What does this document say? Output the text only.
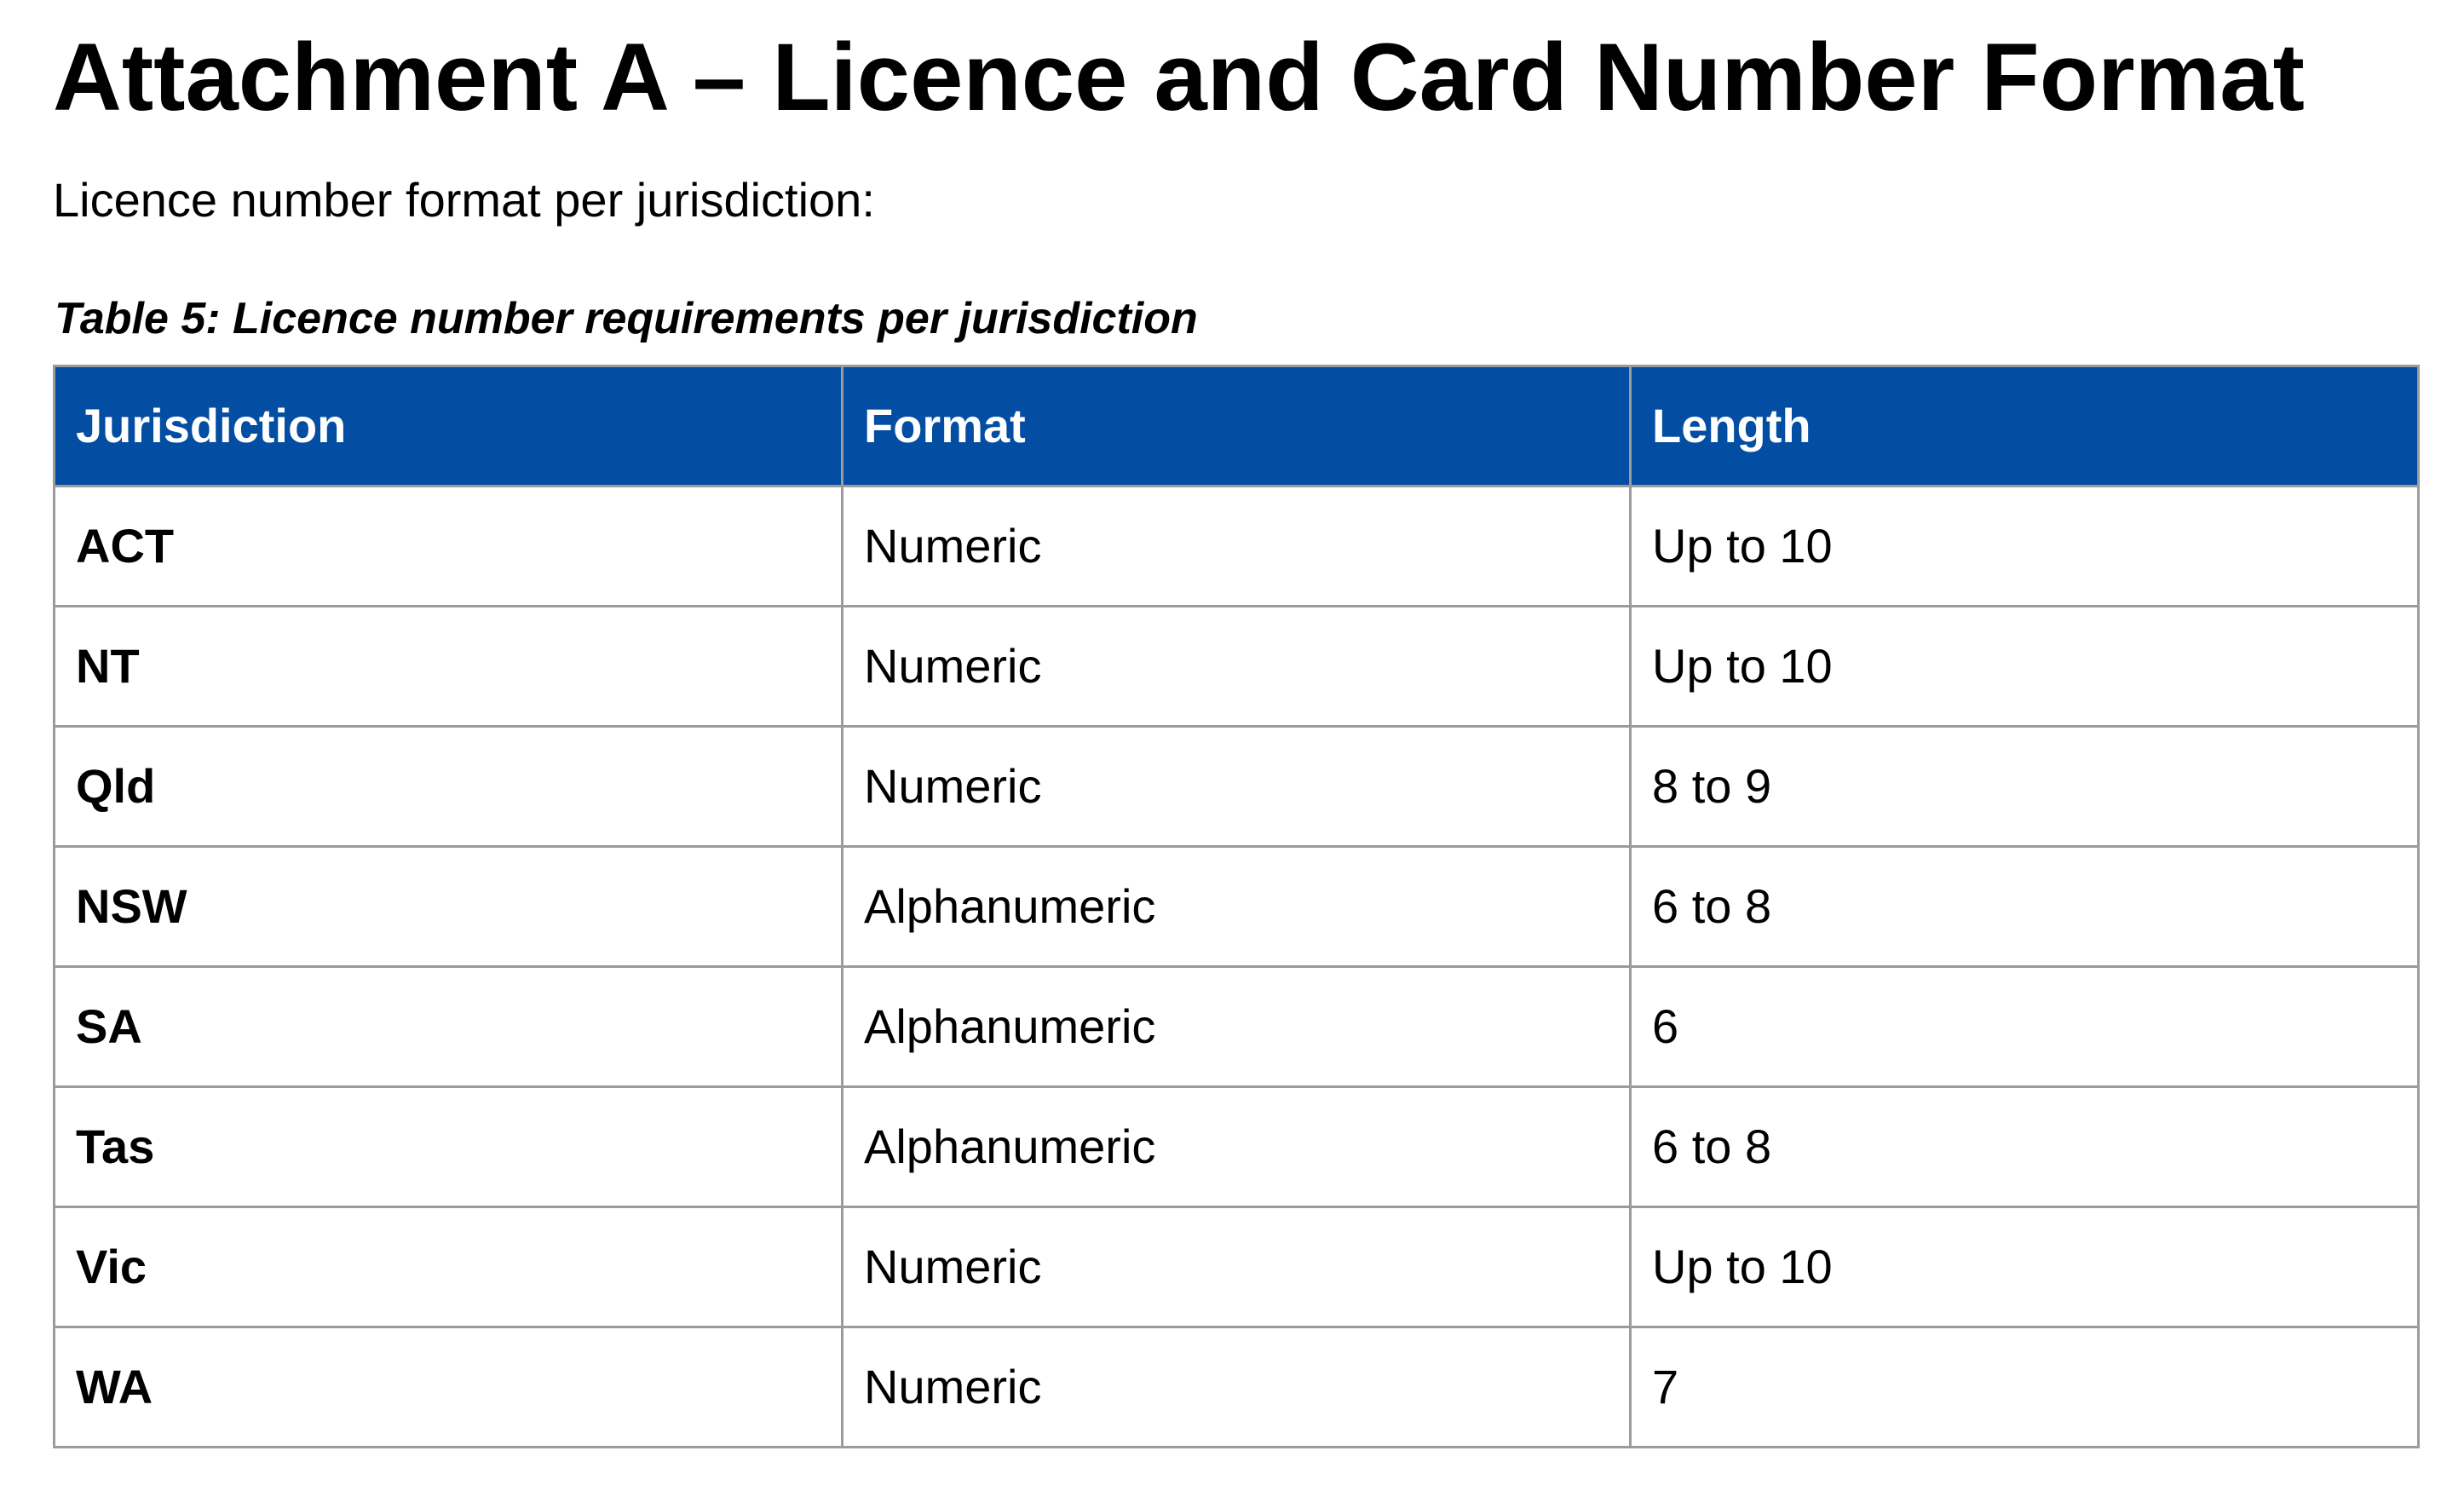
Attachment A – Licence and Card Number Format

Licence number format per jurisdiction:

Table 5: Licence number requirements per jurisdiction

Jurisdiction	Format	Length
ACT	Numeric	Up to 10
NT	Numeric	Up to 10
Qld	Numeric	8 to 9
NSW	Alphanumeric	6 to 8
SA	Alphanumeric	6
Tas	Alphanumeric	6 to 8
Vic	Numeric	Up to 10
WA	Numeric	7
